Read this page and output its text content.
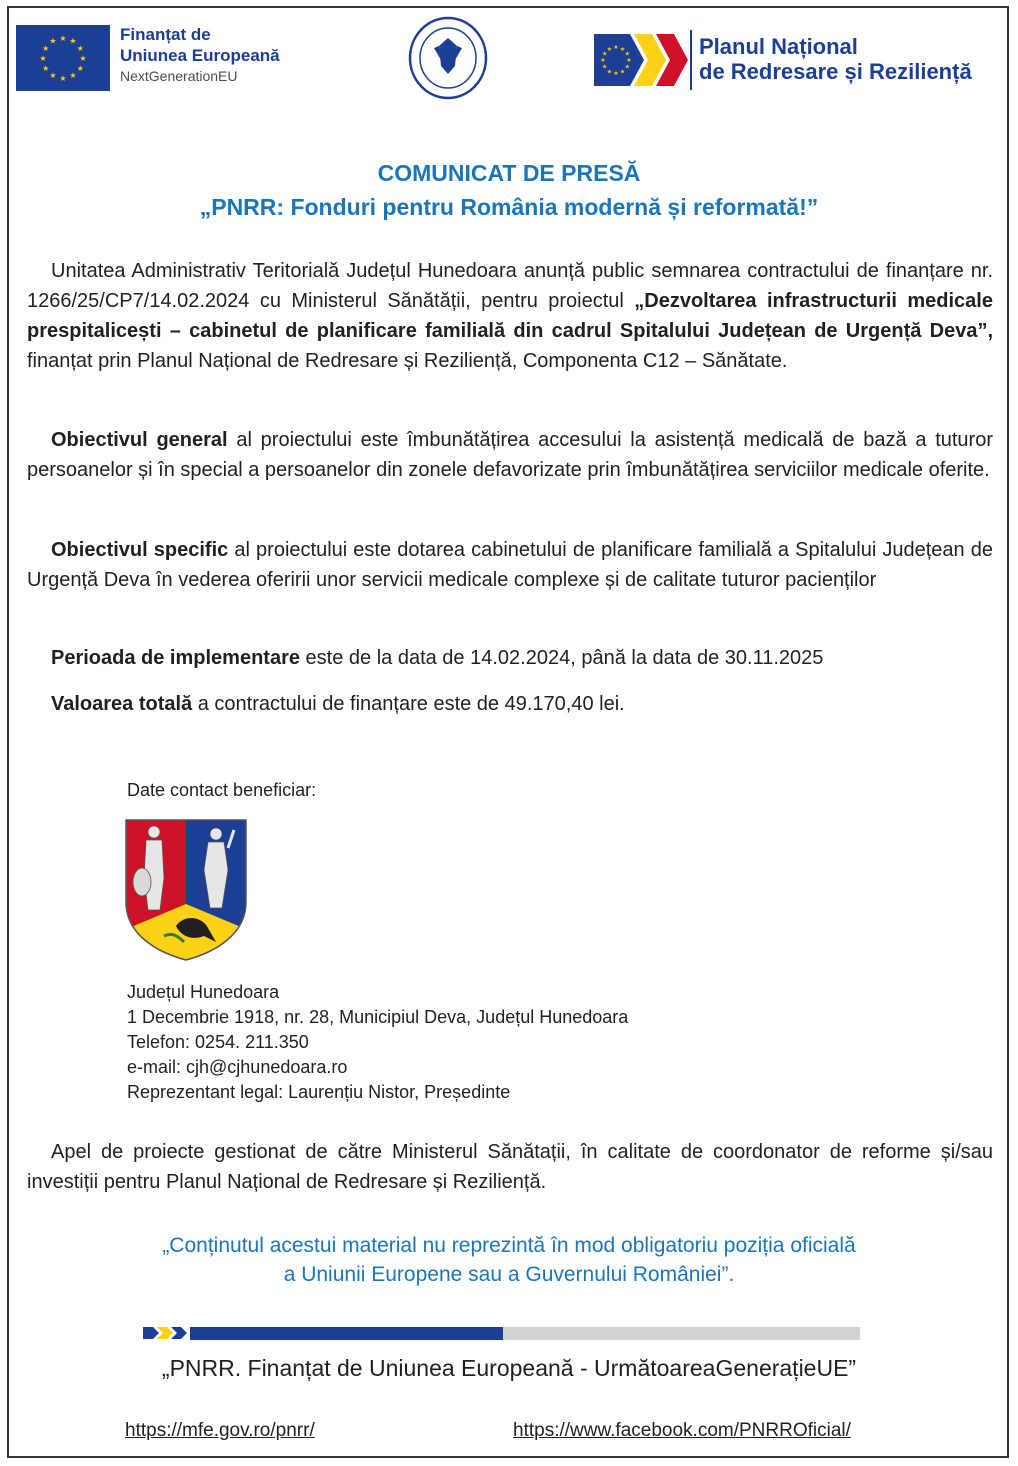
★ ★
★
★
★
★
★
★
★
★
★
★	Finanțat de
Uniunea Europeană
NextGenerationEU
★ ★
★
★
★
★
★
★
★
★
★
★	Planul Național
de Redresare și Reziliență
COMUNICAT DE PRESĂ
„PNRR: Fonduri pentru România modernă și reformată!”

Unitatea Administrativ Teritorială Județul Hunedoara anunță public semnarea contractului de finanțare nr. 1266/25/CP7/14.02.2024 cu Ministerul Sănătății, pentru proiectul „Dezvoltarea infrastructurii medicale prespitalicești – cabinetul de planificare familială din cadrul Spitalului Județean de Urgență Deva”, finanțat prin Planul Național de Redresare și Reziliență, Componenta C12 – Sănătate.

Obiectivul general al proiectului este îmbunătățirea accesului la asistență medicală de bază a tuturor persoanelor și în special a persoanelor din zonele defavorizate prin îmbunătățirea serviciilor medicale oferite.

Obiectivul specific al proiectului este dotarea cabinetului de planificare familială a Spitalului Județean de Urgență Deva în vederea oferirii unor servicii medicale complexe și de calitate tuturor pacienților

Perioada de implementare este de la data de 14.02.2024, până la data de 30.11.2025

Valoarea totală a contractului de finanțare este de 49.170,40 lei.

Date contact beneficiar:
Județul Hunedoara
1 Decembrie 1918, nr. 28, Municipiul Deva, Județul Hunedoara
Telefon: 0254. 211.350
e-mail: cjh@cjhunedoara.ro
Reprezentant legal: Laurențiu Nistor, Președinte

Apel de proiecte gestionat de către Ministerul Sănătații, în calitate de coordonator de reforme și/sau investiții pentru Planul Național de Redresare și Reziliență.

„Conținutul acestui material nu reprezintă în mod obligatoriu poziția oficială
a Uniunii Europene sau a Guvernului României”.
„PNRR. Finanțat de Uniunea Europeană - UrmătoareaGenerațieUE”
https://mfe.gov.ro/pnrr/	https://www.facebook.com/PNRROficial/
